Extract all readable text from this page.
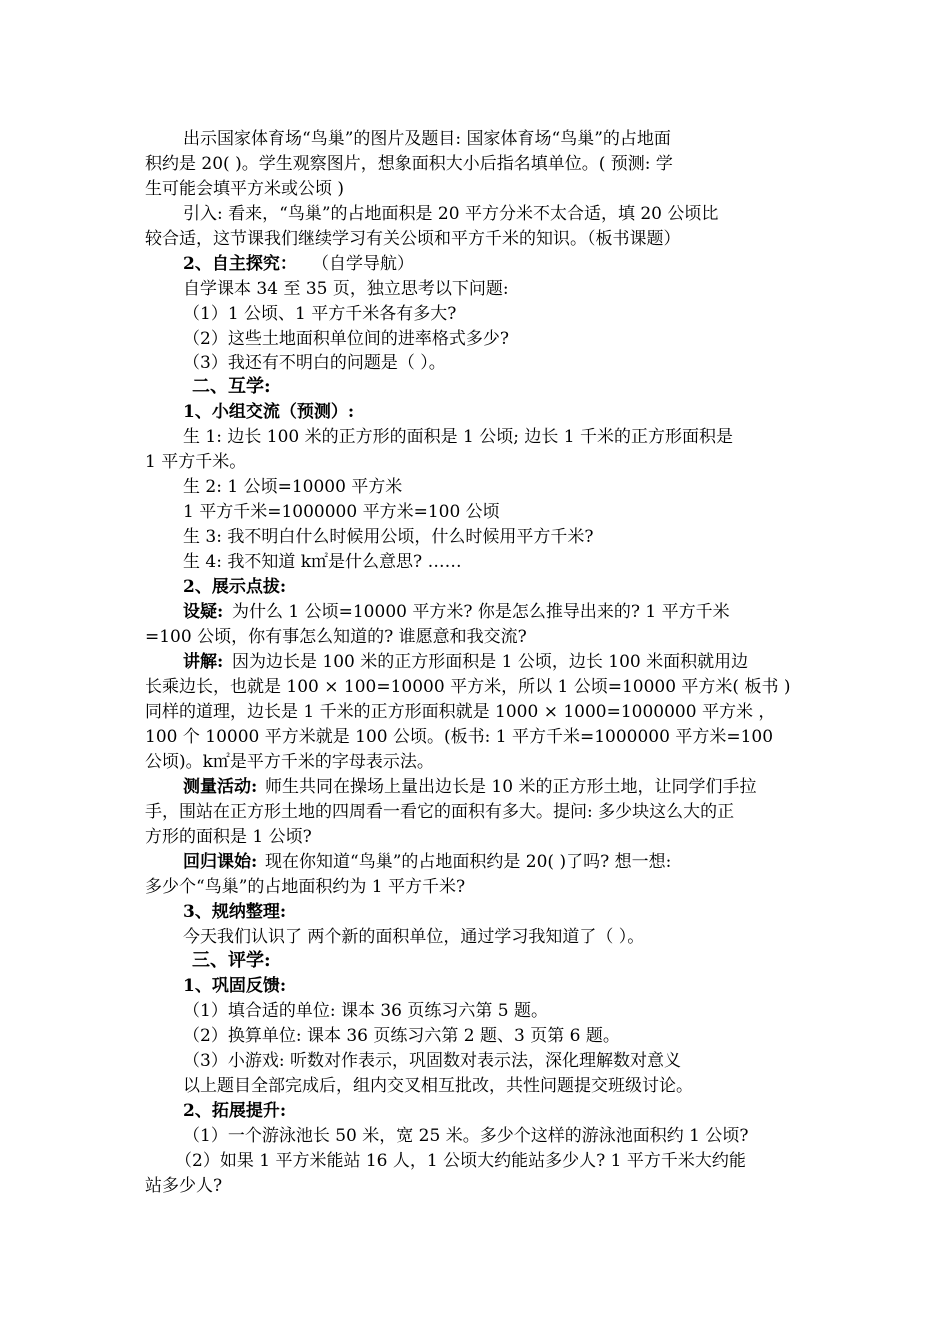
出示国家体育场“鸟巢”的图片及题目: 国家体育场“鸟巢”的占地面
积约是 20( )。学生观察图片，想象面积大小后指名填单位。( 预测: 学
生可能会填平方米或公顷 )
引入: 看来，“鸟巢”的占地面积是 20 平方分米不太合适，填 20 公顷比
较合适，这节课我们继续学习有关公顷和平方千米的知识。（板书课题）
2、自主探究： （自学导航）
自学课本 34 至 35 页，独立思考以下问题:
（1）1 公顷、1 平方千米各有多大?
（2）这些土地面积单位间的进率格式多少?
（3）我还有不明白的问题是（ ）。
二、互学:
1、小组交流（预测）:
生 1: 边长 100 米的正方形的面积是 1 公顷; 边长 1 千米的正方形面积是
1 平方千米。
生 2: 1 公顷=10000 平方米
1 平方千米=1000000 平方米=100 公顷
生 3: 我不明白什么时候用公顷，什么时候用平方千米?
生 4: 我不知道 k㎡是什么意思? ……
2、展示点拔:
设疑: 为什么 1 公顷=10000 平方米? 你是怎么推导出来的? 1 平方千米
=100 公顷，你有事怎么知道的? 谁愿意和我交流?
讲解: 因为边长是 100 米的正方形面积是 1 公顷，边长 100 米面积就用边
长乘边长，也就是 100 × 100=10000 平方米，所以 1 公顷=10000 平方米( 板书 )
同样的道理，边长是 1 千米的正方形面积就是 1000 × 1000=1000000 平方米 ，
100 个 10000 平方米就是 100 公顷。(板书: 1 平方千米=1000000 平方米=100
公顷)。k㎡是平方千米的字母表示法。
测量活动: 师生共同在操场上量出边长是 10 米的正方形土地，让同学们手拉
手，围站在正方形土地的四周看一看它的面积有多大。提问: 多少块这么大的正
方形的面积是 1 公顷?
回归课始: 现在你知道“鸟巢”的占地面积约是 20( )了吗? 想一想:
多少个“鸟巢”的占地面积约为 1 平方千米?
3、规纳整理:
今天我们认识了 两个新的面积单位，通过学习我知道了（ ）。
三、评学:
1、巩固反馈:
（1）填合适的单位: 课本 36 页练习六第 5 题。
（2）换算单位: 课本 36 页练习六第 2 题、3 页第 6 题。
（3）小游戏: 听数对作表示，巩固数对表示法，深化理解数对意义
以上题目全部完成后，组内交叉相互批改，共性问题提交班级讨论。
2、拓展提升:
（1）一个游泳池长 50 米，宽 25 米。多少个这样的游泳池面积约 1 公顷?
（2）如果 1 平方米能站 16 人，1 公顷大约能站多少人? 1 平方千米大约能
站多少人?
